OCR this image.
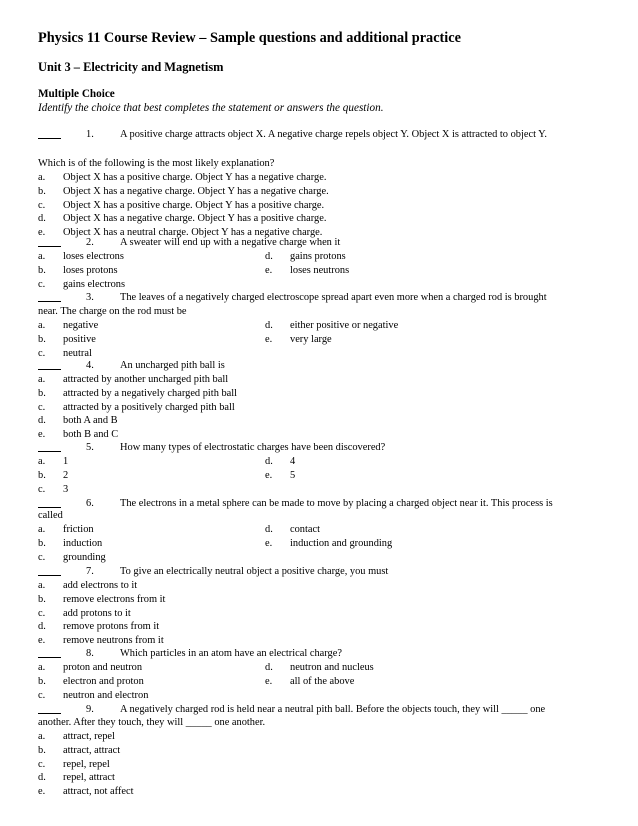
Physics 11 Course Review – Sample questions and additional practice
Unit 3 – Electricity and Magnetism
Multiple Choice
Identify the choice that best completes the statement or answers the question.
1.	A positive charge attracts object X. A negative charge repels object Y. Object X is attracted to object Y.
Which is of the following is the most likely explanation?
a. Object X has a positive charge. Object Y has a negative charge.
b. Object X has a negative charge. Object Y has a negative charge.
c. Object X has a positive charge. Object Y has a positive charge.
d. Object X has a negative charge. Object Y has a positive charge.
e. Object X has a neutral charge. Object Y has a negative charge.
2.	A sweater will end up with a negative charge when it
a. loses electrons
b. loses protons
c. gains electrons
d. gains protons
e. loses neutrons
3.	The leaves of a negatively charged electroscope spread apart even more when a charged rod is brought
near. The charge on the rod must be
a. negative
b. positive
c. neutral
d. either positive or negative
e. very large
4.	An uncharged pith ball is
a. attracted by another uncharged pith ball
b. attracted by a negatively charged pith ball
c. attracted by a positively charged pith ball
d. both A and B
e. both B and C
5.	How many types of electrostatic charges have been discovered?
a. 1
b. 2
c. 3
d. 4
e. 5
6.	The electrons in a metal sphere can be made to move by placing a charged object near it. This process is
called
a. friction
b. induction
c. grounding
d. contact
e. induction and grounding
7.	To give an electrically neutral object a positive charge, you must
a. add electrons to it
b. remove electrons from it
c. add protons to it
d. remove protons from it
e. remove neutrons from it
8.	Which particles in an atom have an electrical charge?
a. proton and neutron
b. electron and proton
c. neutron and electron
d. neutron and nucleus
e. all of the above
9.	A negatively charged rod is held near a neutral pith ball. Before the objects touch, they will _____ one
another. After they touch, they will _____ one another.
a. attract, repel
b. attract, attract
c. repel, repel
d. repel, attract
e. attract, not affect
